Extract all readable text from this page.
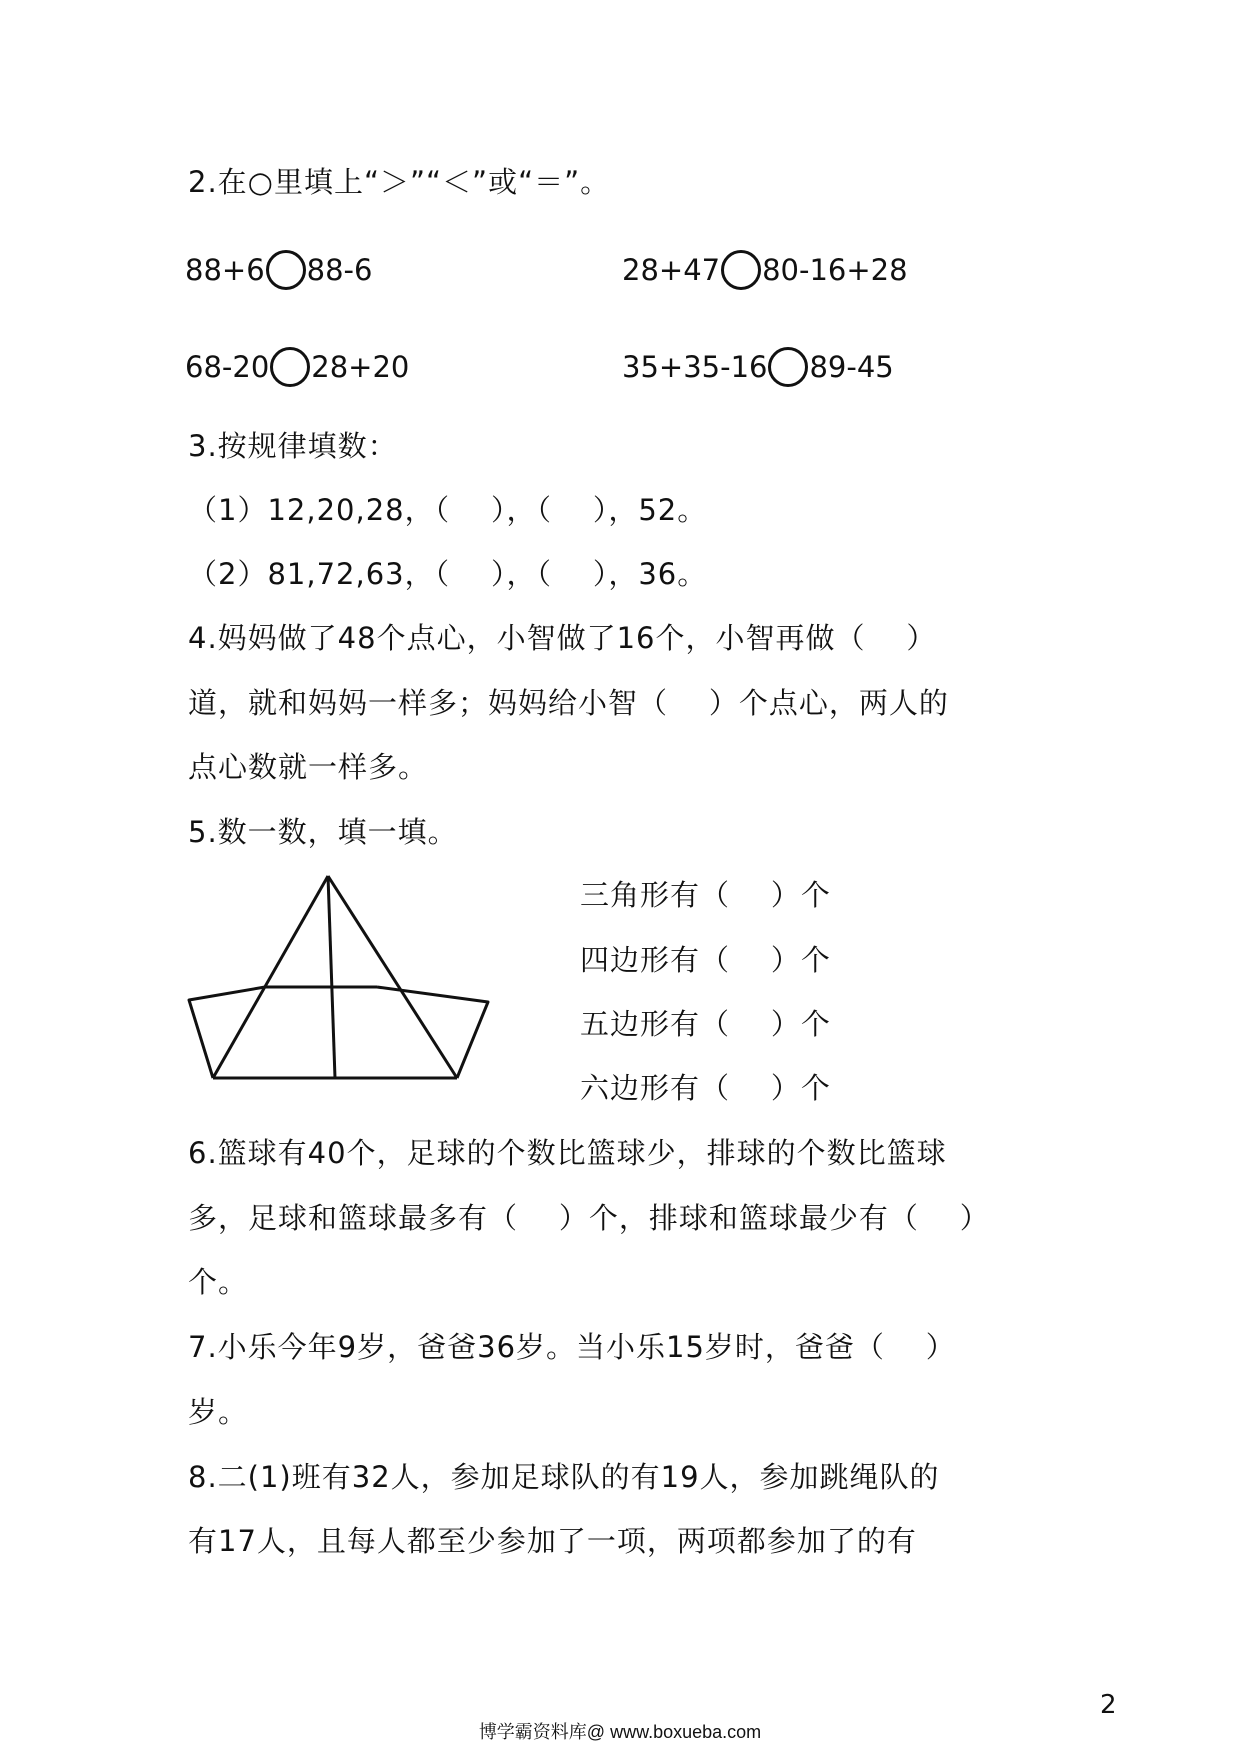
2.在○里填上“＞”“＜”或“＝”。
88+6 88-6	28+47 80-16+28
68-20 28+20	35+35-16 89-45
3.按规律填数：
（1）12,20,28，（    ），（    ），52。
（2）81,72,63，（    ），（    ），36。
4.妈妈做了48个点心，小智做了16个，小智再做（    ）
道，就和妈妈一样多；妈妈给小智（    ）个点心，两人的
点心数就一样多。
5.数一数，填一填。
三角形有（    ）个
四边形有（    ）个
五边形有（    ）个
六边形有（    ）个
6.篮球有40个，足球的个数比篮球少，排球的个数比篮球
多，足球和篮球最多有（    ）个，排球和篮球最少有（    ）
个。
7.小乐今年9岁，爸爸36岁。当小乐15岁时，爸爸（    ）
岁。
8.二(1)班有32人，参加足球队的有19人，参加跳绳队的
有17人，且每人都至少参加了一项，两项都参加了的有
2
博学霸资料库@ www.boxueba.com
